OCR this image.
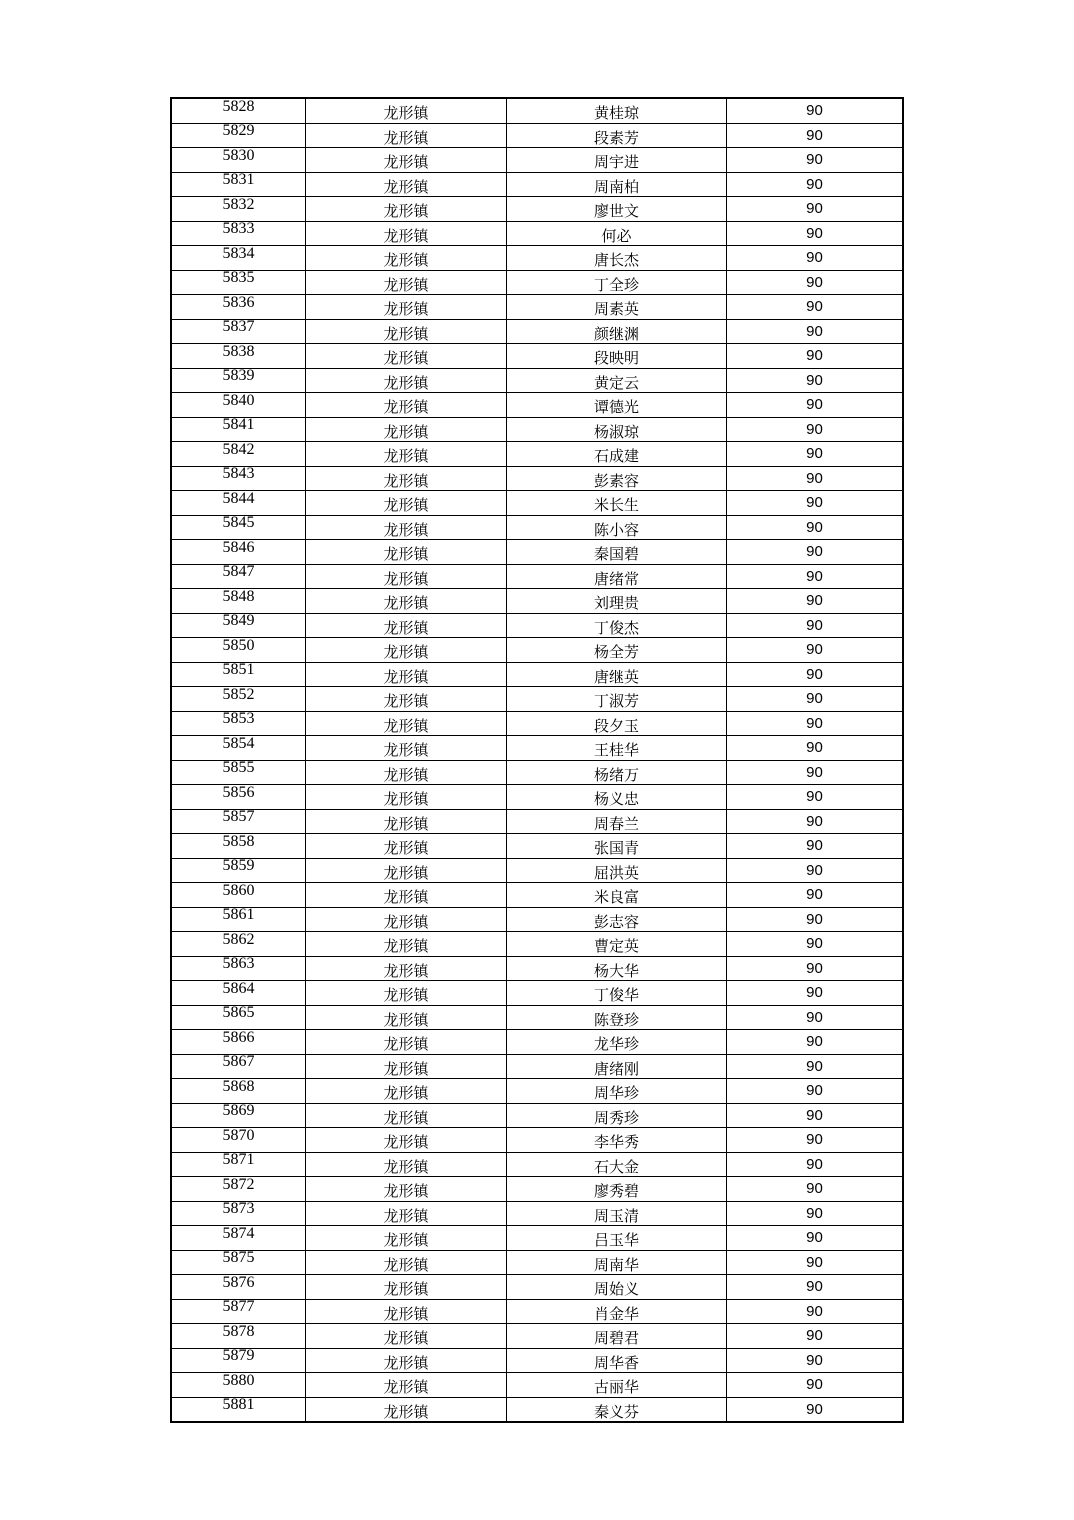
5828	龙形镇	黄桂琼	90
5829	龙形镇	段素芳	90
5830	龙形镇	周宇进	90
5831	龙形镇	周南柏	90
5832	龙形镇	廖世文	90
5833	龙形镇	何必	90
5834	龙形镇	唐长杰	90
5835	龙形镇	丁全珍	90
5836	龙形镇	周素英	90
5837	龙形镇	颜继渊	90
5838	龙形镇	段映明	90
5839	龙形镇	黄定云	90
5840	龙形镇	谭德光	90
5841	龙形镇	杨淑琼	90
5842	龙形镇	石成建	90
5843	龙形镇	彭素容	90
5844	龙形镇	米长生	90
5845	龙形镇	陈小容	90
5846	龙形镇	秦国碧	90
5847	龙形镇	唐绪常	90
5848	龙形镇	刘理贵	90
5849	龙形镇	丁俊杰	90
5850	龙形镇	杨全芳	90
5851	龙形镇	唐继英	90
5852	龙形镇	丁淑芳	90
5853	龙形镇	段夕玉	90
5854	龙形镇	王桂华	90
5855	龙形镇	杨绪万	90
5856	龙形镇	杨义忠	90
5857	龙形镇	周春兰	90
5858	龙形镇	张国青	90
5859	龙形镇	屈洪英	90
5860	龙形镇	米良富	90
5861	龙形镇	彭志容	90
5862	龙形镇	曹定英	90
5863	龙形镇	杨大华	90
5864	龙形镇	丁俊华	90
5865	龙形镇	陈登珍	90
5866	龙形镇	龙华珍	90
5867	龙形镇	唐绪刚	90
5868	龙形镇	周华珍	90
5869	龙形镇	周秀珍	90
5870	龙形镇	李华秀	90
5871	龙形镇	石大金	90
5872	龙形镇	廖秀碧	90
5873	龙形镇	周玉清	90
5874	龙形镇	吕玉华	90
5875	龙形镇	周南华	90
5876	龙形镇	周始义	90
5877	龙形镇	肖金华	90
5878	龙形镇	周碧君	90
5879	龙形镇	周华香	90
5880	龙形镇	古丽华	90
5881	龙形镇	秦义芬	90
